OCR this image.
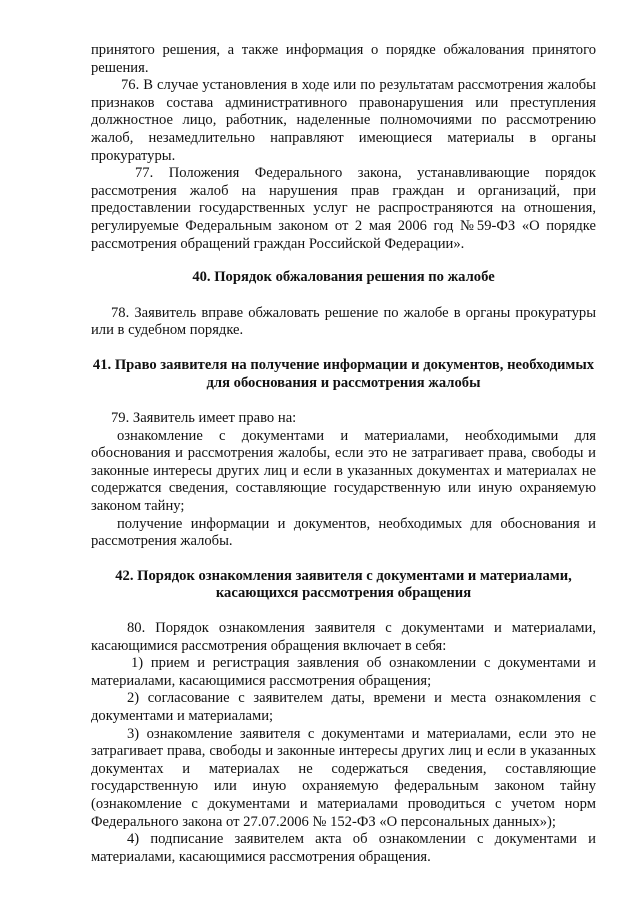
принятого решения, а также информация о порядке обжалования принятого решения.

76. В случае установления в ходе или по результатам рассмотрения жалобы признаков состава административного правонарушения или преступления должностное лицо, работник, наделенные полномочиями по рассмотрению жалоб, незамедлительно направляют имеющиеся материалы в органы прокуратуры.

77. Положения Федерального закона, устанавливающие порядок рассмотрения жалоб на нарушения прав граждан и организаций, при предоставлении государственных услуг не распространяются на отношения, регулируемые Федеральным законом от 2 мая 2006 год №59-ФЗ «О порядке рассмотрения обращений граждан Российской Федерации».

40. Порядок обжалования решения по жалобе

78. Заявитель вправе обжаловать решение по жалобе в органы прокуратуры или в судебном порядке.

41. Право заявителя на получение информации и документов, необходимых для обоснования и рассмотрения жалобы

79. Заявитель имеет право на:

ознакомление с документами и материалами, необходимыми для обоснования и рассмотрения жалобы, если это не затрагивает права, свободы и законные интересы других лиц и если в указанных документах и материалах не содержатся сведения, составляющие государственную или иную охраняемую законом тайну;

получение информации и документов, необходимых для обоснования и рассмотрения жалобы.

42. Порядок ознакомления заявителя с документами и материалами, касающихся рассмотрения обращения

80. Порядок ознакомления заявителя с документами и материалами, касающимися рассмотрения обращения включает в себя:

1) прием и регистрация заявления об ознакомлении с документами и материалами, касающимися рассмотрения обращения;

2) согласование с заявителем даты, времени и места ознакомления с документами и материалами;

3) ознакомление заявителя с документами и материалами, если это не затрагивает права, свободы и законные интересы других лиц и если в указанных документах и материалах не содержаться сведения, составляющие государственную или иную охраняемую федеральным законом тайну (ознакомление с документами и материалами проводиться с учетом норм Федерального закона от 27.07.2006 № 152-ФЗ «О персональных данных»);

4) подписание заявителем акта об ознакомлении с документами и материалами, касающимися рассмотрения обращения.
